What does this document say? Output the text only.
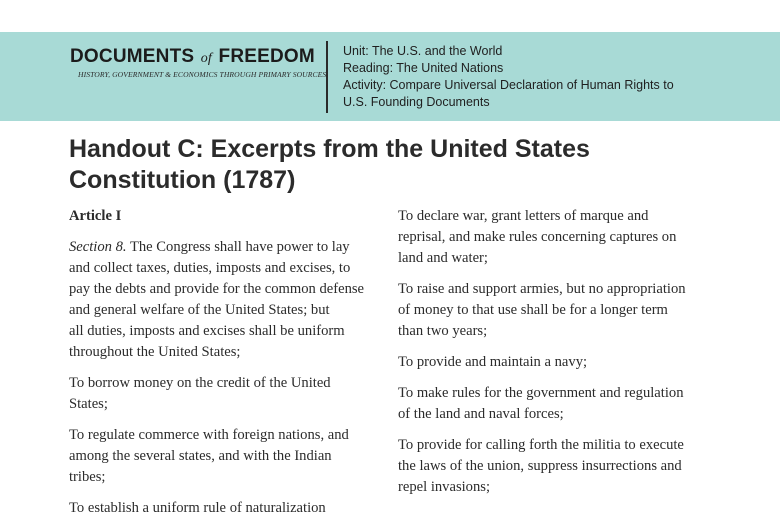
DOCUMENTS of FREEDOM
HISTORY, GOVERNMENT & ECONOMICS THROUGH PRIMARY SOURCES
Unit: The U.S. and the World
Reading: The United Nations
Activity: Compare Universal Declaration of Human Rights to
U.S. Founding Documents
Handout C: Excerpts from the United States
Constitution (1787)

Article I

Section 8. The Congress shall have power to lay
and collect taxes, duties, imposts and excises, to
pay the debts and provide for the common defense
and general welfare of the United States; but
all duties, imposts and excises shall be uniform
throughout the United States;

To borrow money on the credit of the United
States;

To regulate commerce with foreign nations, and
among the several states, and with the Indian
tribes;

To establish a uniform rule of naturalization

To declare war, grant letters of marque and
reprisal, and make rules concerning captures on
land and water;

To raise and support armies, but no appropriation
of money to that use shall be for a longer term
than two years;

To provide and maintain a navy;

To make rules for the government and regulation
of the land and naval forces;

To provide for calling forth the militia to execute
the laws of the union, suppress insurrections and
repel invasions;
